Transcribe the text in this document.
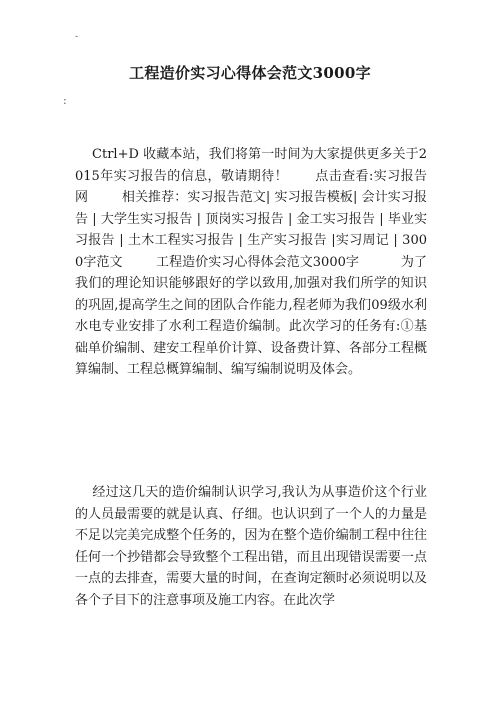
-
工程造价实习心得体会范文3000字
:

Ctrl+D 收藏本站，我们将第一时间为大家提供更多关于2015年实习报告的信息，敬请期待！      点击查看:实习报告网        相关推荐：实习报告范文| 实习报告模板| 会计实习报告 | 大学生实习报告 | 顶岗实习报告 | 金工实习报告 | 毕业实习报告 | 土木工程实习报告 | 生产实习报告 |实习周记 | 3000字范文        工程造价实习心得体会范文3000字          为了我们的理论知识能够跟好的学以致用,加强对我们所学的知识的巩固,提高学生之间的团队合作能力,程老师为我们09级水利水电专业安排了水利工程造价编制。此次学习的任务有:①基础单价编制、建安工程单价计算、设备费计算、各部分工程概算编制、工程总概算编制、编写编制说明及体会。

经过这几天的造价编制认识学习,我认为从事造价这个行业的人员最需要的就是认真、仔细。也认识到了一个人的力量是不足以完美完成整个任务的，因为在整个造价编制工程中往往任何一个抄错都会导致整个工程出错，而且出现错误需要一点一点的去排查，需要大量的时间，在查询定额时必须说明以及各个子目下的注意事项及施工内容。在此次学
